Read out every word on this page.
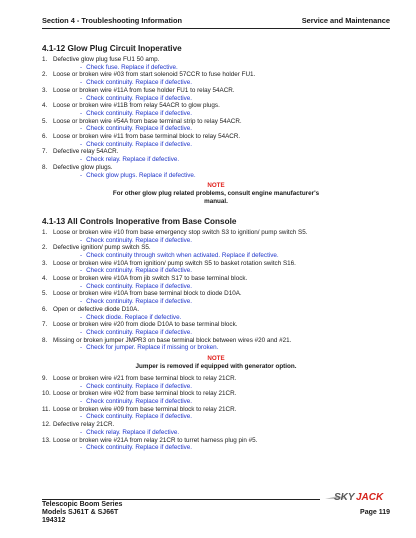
Section 4 - Troubleshooting Information	Service and Maintenance
4.1-12 Glow Plug Circuit Inoperative
1. Defective glow plug fuse FU1 50 amp.
- Check fuse. Replace if defective.
2. Loose or broken wire #03 from start solenoid 57CCR to fuse holder FU1.
- Check continuity. Replace if defective.
3. Loose or broken wire #11A from fuse holder FU1 to relay 54ACR.
- Check continuity. Replace if defective.
4. Loose or broken wire #11B from relay 54ACR to glow plugs.
- Check continuity. Replace if defective.
5. Loose or broken wire #54A from base terminal strip to relay 54ACR.
- Check continuity. Replace if defective.
6. Loose or broken wire #11 from base terminal block to relay 54ACR.
- Check continuity. Replace if defective.
7. Defective relay 54ACR.
- Check relay. Replace if defective.
8. Defective glow plugs.
- Check glow plugs. Replace if defective.
NOTE
For other glow plug related problems, consult engine manufacturer's manual.
4.1-13 All Controls Inoperative from Base Console
1. Loose or broken wire #10 from base emergency stop switch S3 to ignition/ pump switch S5.
- Check continuity. Replace if defective.
2. Defective ignition/ pump switch S5.
- Check continuity through switch when activated. Replace if defective.
3. Loose or broken wire #10A from ignition/ pump switch S5 to basket rotation switch S16.
- Check continuity. Replace if defective.
4. Loose or broken wire #10A from jib switch S17 to base terminal block.
- Check continuity. Replace if defective.
5. Loose or broken wire #10A from base terminal block to diode D10A.
- Check continuity. Replace if defective.
6. Open or defective diode D10A.
- Check diode. Replace if defective.
7. Loose or broken wire #20 from diode D10A to base terminal block.
- Check continuity. Replace if defective.
8. Missing or broken jumper JMPR3 on base terminal block between wires #20 and #21.
- Check for jumper. Replace if missing or broken.
NOTE
Jumper is removed if equipped with generator option.
9. Loose or broken wire #21 from base terminal block to relay 21CR.
- Check continuity. Replace if defective.
10. Loose or broken wire #02 from base terminal block to relay 21CR.
- Check continuity. Replace if defective.
11. Loose or broken wire #09 from base terminal block to relay 21CR.
- Check continuity. Replace if defective.
12. Defective relay 21CR.
- Check relay. Replace if defective.
13. Loose or broken wire #21A from relay 21CR to turret harness plug pin #5.
- Check continuity. Replace if defective.
SKY JACK
Telescopic Boom Series
Models SJ61T & SJ66T
194312
Page 119
